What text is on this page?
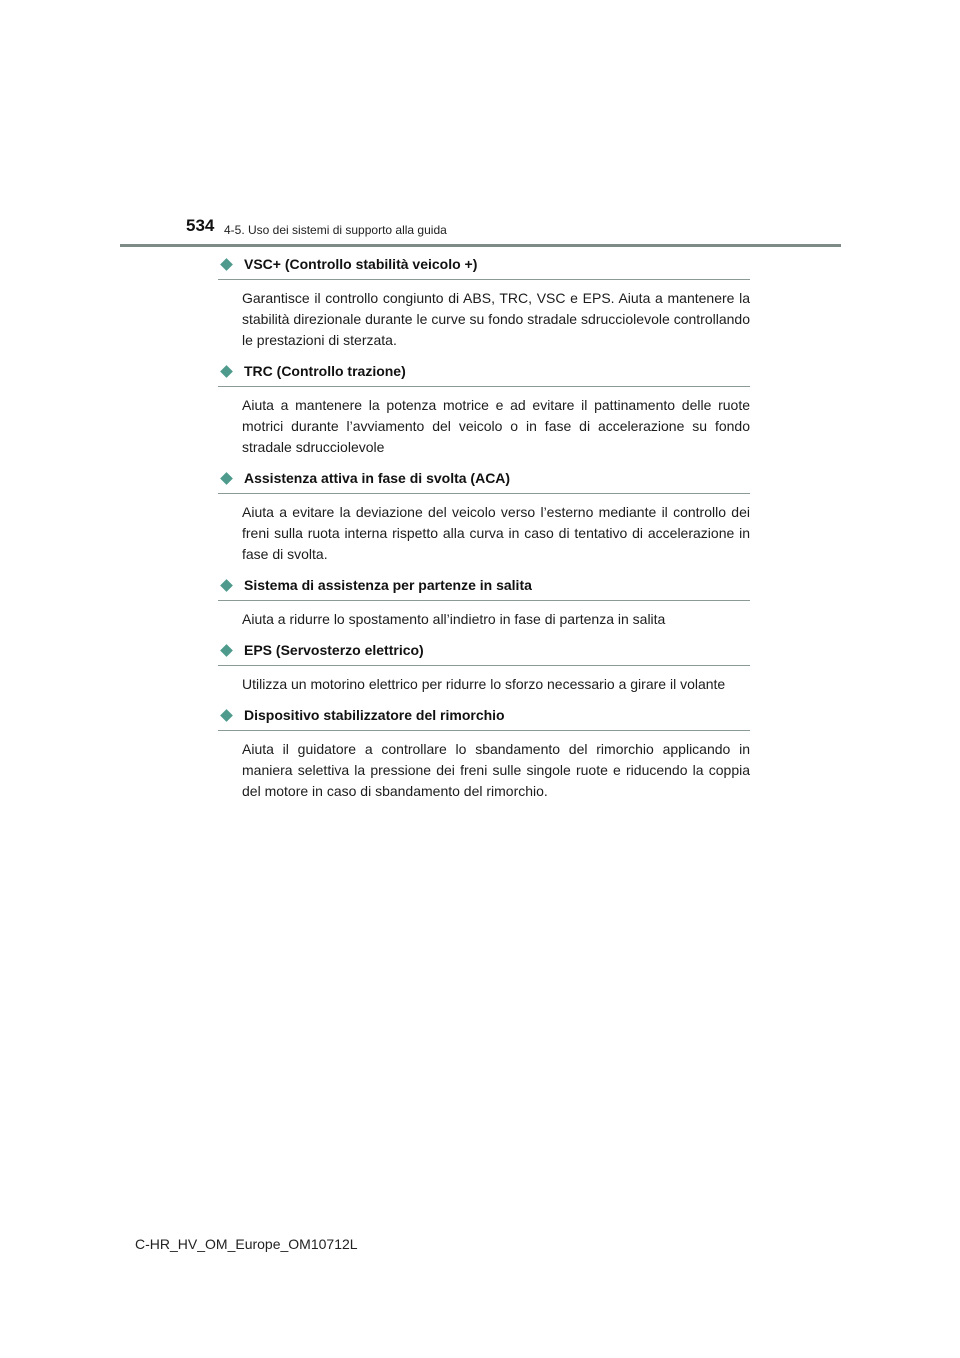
534 4-5. Uso dei sistemi di supporto alla guida
VSC+ (Controllo stabilità veicolo +)
Garantisce il controllo congiunto di ABS, TRC, VSC e EPS. Aiuta a mantenere la stabilità direzionale durante le curve su fondo stradale sdrucciolevole controllando le prestazioni di sterzata.
TRC (Controllo trazione)
Aiuta a mantenere la potenza motrice e ad evitare il pattinamento delle ruote motrici durante l’avviamento del veicolo o in fase di accelerazione su fondo stradale sdrucciolevole
Assistenza attiva in fase di svolta (ACA)
Aiuta a evitare la deviazione del veicolo verso l’esterno mediante il controllo dei freni sulla ruota interna rispetto alla curva in caso di tentativo di accelerazione in fase di svolta.
Sistema di assistenza per partenze in salita
Aiuta a ridurre lo spostamento all’indietro in fase di partenza in salita
EPS (Servosterzo elettrico)
Utilizza un motorino elettrico per ridurre lo sforzo necessario a girare il volante
Dispositivo stabilizzatore del rimorchio
Aiuta il guidatore a controllare lo sbandamento del rimorchio applicando in maniera selettiva la pressione dei freni sulle singole ruote e riducendo la coppia del motore in caso di sbandamento del rimorchio.
C-HR_HV_OM_Europe_OM10712L
